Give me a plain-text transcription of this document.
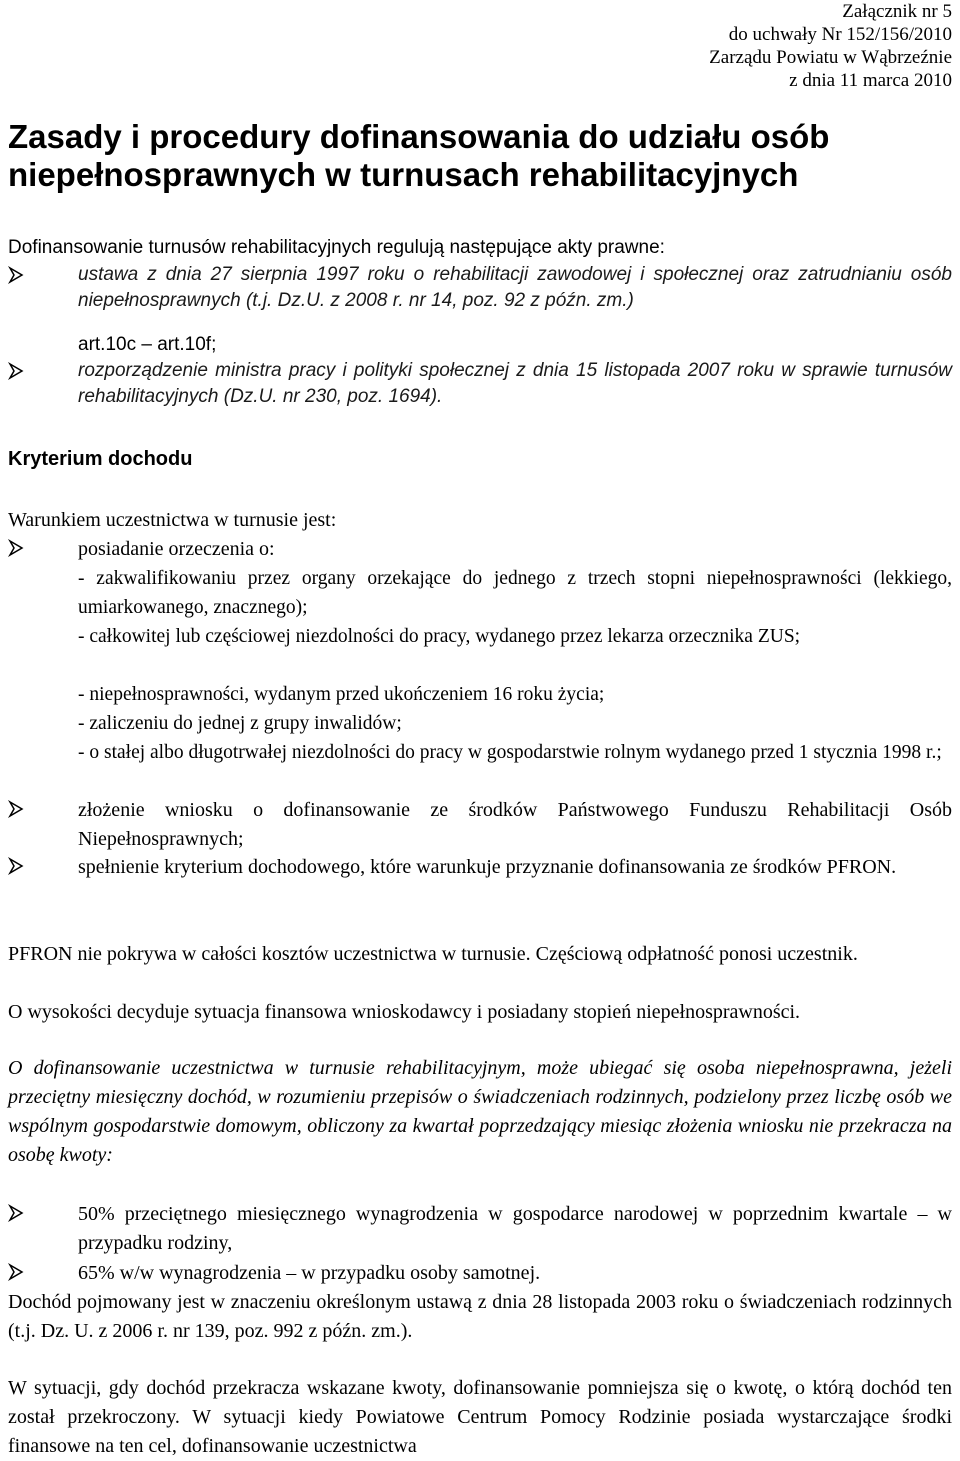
Załącznik nr 5
do uchwały Nr 152/156/2010
Zarządu Powiatu w Wąbrzeźnie
z dnia 11 marca 2010
Zasady i procedury dofinansowania do udziału osób
niepełnosprawnych w turnusach rehabilitacyjnych
Dofinansowanie turnusów rehabilitacyjnych regulują następujące akty prawne:
ustawa z dnia 27 sierpnia 1997 roku o rehabilitacji zawodowej i społecznej oraz zatrudnianiu osób niepełnosprawnych (t.j. Dz.U. z 2008 r. nr 14, poz. 92 z późn. zm.)
art.10c – art.10f;
rozporządzenie ministra pracy i polityki społecznej z dnia 15 listopada 2007 roku w sprawie turnusów rehabilitacyjnych (Dz.U. nr 230, poz. 1694).
Kryterium dochodu
Warunkiem uczestnictwa w turnusie jest:
posiadanie orzeczenia o:
- zakwalifikowaniu przez organy orzekające do jednego z trzech stopni niepełnosprawności (lekkiego, umiarkowanego, znacznego);
- całkowitej lub częściowej niezdolności do pracy, wydanego przez lekarza orzecznika ZUS;
- niepełnosprawności, wydanym przed ukończeniem 16 roku życia;
- zaliczeniu do jednej z grupy inwalidów;
- o stałej albo długotrwałej niezdolności do pracy w gospodarstwie rolnym wydanego przed 1 stycznia 1998 r.;
złożenie wniosku o dofinansowanie ze środków Państwowego Funduszu Rehabilitacji Osób Niepełnosprawnych;
spełnienie kryterium dochodowego, które warunkuje przyznanie dofinansowania ze środków PFRON.
PFRON nie pokrywa w całości kosztów uczestnictwa w turnusie. Częściową odpłatność ponosi uczestnik.
O wysokości decyduje sytuacja finansowa wnioskodawcy i posiadany stopień niepełnosprawności.
O dofinansowanie uczestnictwa w turnusie rehabilitacyjnym, może ubiegać się osoba niepełnosprawna, jeżeli przeciętny miesięczny dochód, w rozumieniu przepisów o świadczeniach rodzinnych, podzielony przez liczbę osób we wspólnym gospodarstwie domowym, obliczony za kwartał poprzedzający miesiąc złożenia wniosku nie przekracza na osobę kwoty:
50% przeciętnego miesięcznego wynagrodzenia w gospodarce narodowej w poprzednim kwartale – w przypadku rodziny,
65% w/w wynagrodzenia – w przypadku osoby samotnej.
Dochód pojmowany jest w znaczeniu określonym ustawą z dnia 28 listopada 2003 roku o świadczeniach rodzinnych (t.j. Dz. U. z 2006 r. nr 139, poz. 992 z późn. zm.).
W sytuacji, gdy dochód przekracza wskazane kwoty, dofinansowanie pomniejsza się o kwotę, o którą dochód ten został przekroczony. W sytuacji kiedy Powiatowe Centrum Pomocy Rodzinie posiada wystarczające środki finansowe na ten cel, dofinansowanie uczestnictwa
